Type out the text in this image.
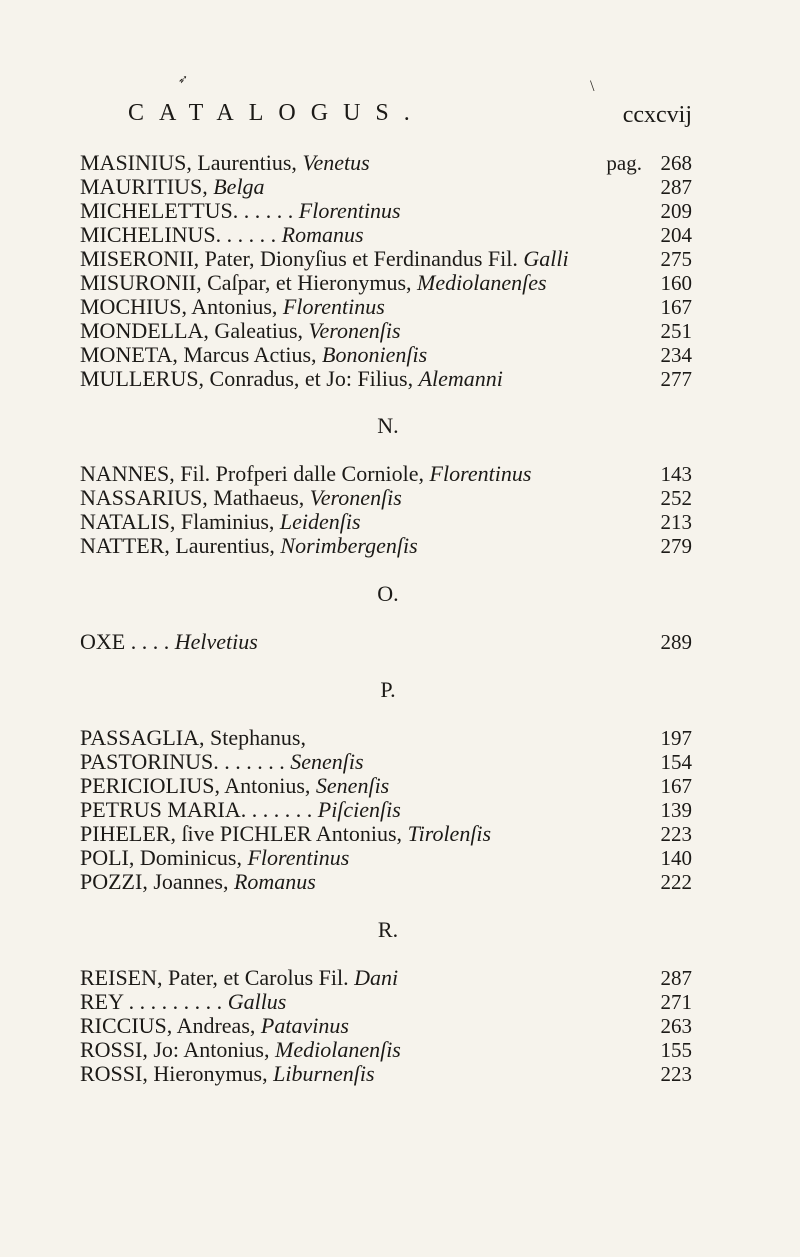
➶	\
CATALOGUS.	ccxcvij
MASINIUS, Laurentius, Venetus	pag. 268
MAURITIUS, Belga	287
MICHELETTUS. . . . . . Florentinus	209
MICHELINUS. . . . . . Romanus	204
MISERONII, Pater, Dionyſius et Ferdinandus Fil. Galli	275
MISURONII, Caſpar, et Hieronymus, Mediolanenſes	160
MOCHIUS, Antonius, Florentinus	167
MONDELLA, Galeatius, Veronenſis	251
MONETA, Marcus Actius, Bononienſis	234
MULLERUS, Conradus, et Jo: Filius, Alemanni	277
N.
NANNES, Fil. Profperi dalle Corniole, Florentinus	143
NASSARIUS, Mathaeus, Veronenſis	252
NATALIS, Flaminius, Leidenſis	213
NATTER, Laurentius, Norimbergenſis	279
O.
OXE . . . . Helvetius	289
P.
PASSAGLIA, Stephanus,	197
PASTORINUS. . . . . . . Senenſis	154
PERICIOLIUS, Antonius, Senenſis	167
PETRUS MARIA. . . . . . . Piſcienſis	139
PIHELER, ſive PICHLER Antonius, Tirolenſis	223
POLI, Dominicus, Florentinus	140
POZZI, Joannes, Romanus	222
R.
REISEN, Pater, et Carolus Fil. Dani	287
REY . . . . . . . . . Gallus	271
RICCIUS, Andreas, Patavinus	263
ROSSI, Jo: Antonius, Mediolanenſis	155
ROSSI, Hieronymus, Liburnenſis	223
